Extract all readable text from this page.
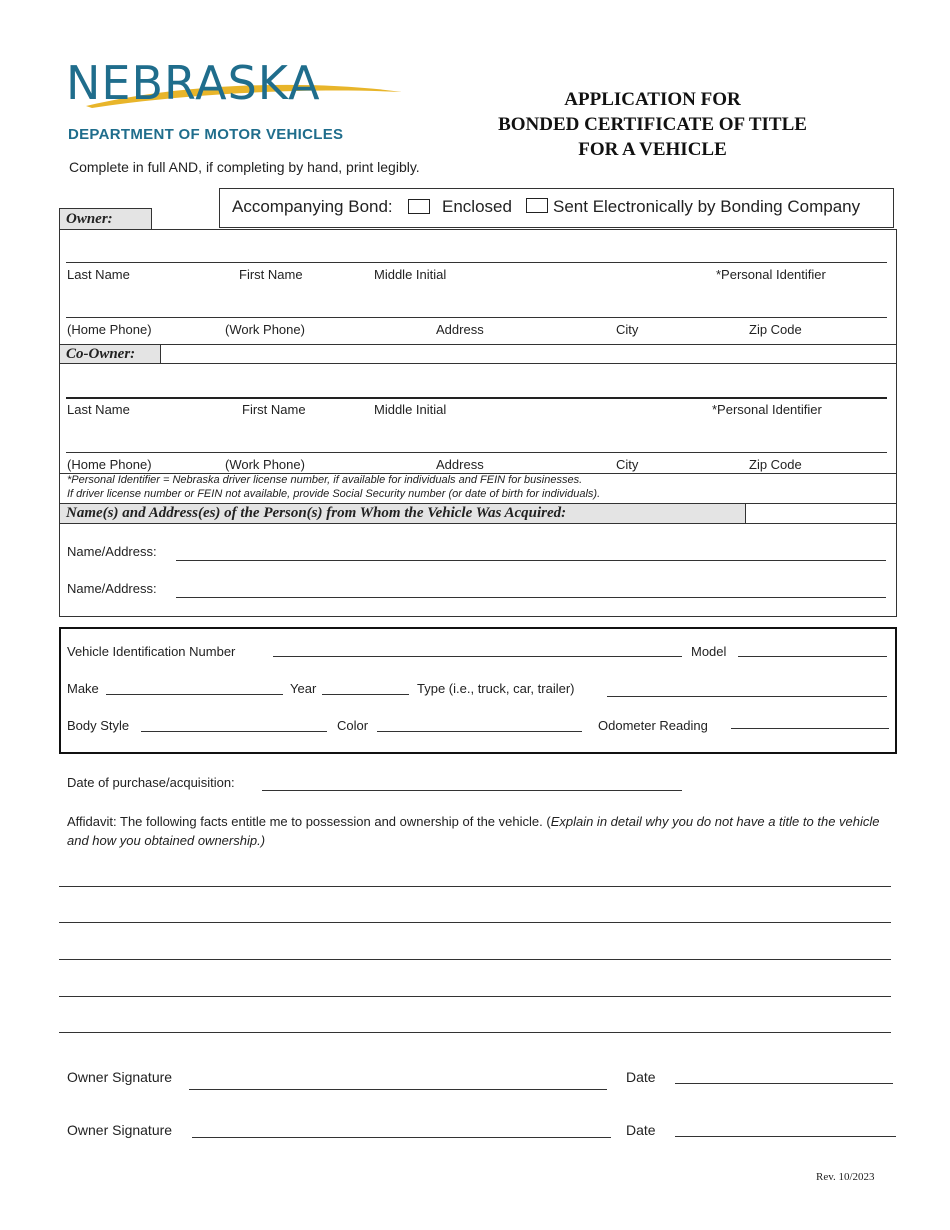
NEBRASKA
DEPARTMENT OF MOTOR VEHICLES
Complete in full AND, if completing by hand, print legibly.
APPLICATION FOR
BONDED CERTIFICATE OF TITLE
FOR A VEHICLE
Accompanying Bond:	Enclosed Sent Electronically by Bonding Company
Owner:
Last Name	First Name	Middle Initial	*Personal Identifier
(Home Phone)	(Work Phone)	Address	City	Zip Code
Co-Owner:
Last Name	First Name	Middle Initial	*Personal Identifier
(Home Phone)	(Work Phone)	Address	City	Zip Code
*Personal Identifier = Nebraska driver license number, if available for individuals and FEIN for businesses.
If driver license number or FEIN not available, provide Social Security number (or date of birth for individuals).
Name(s) and Address(es) of the Person(s) from Whom the Vehicle Was Acquired:
Name/Address:
Name/Address:
Vehicle Identification Number	Model
Make	Year	Type (i.e., truck, car, trailer)
Body Style	Color	Odometer Reading
Date of purchase/acquisition:
Affidavit: The following facts entitle me to possession and ownership of the vehicle. (Explain in detail why you do not have a title to the vehicle and how you obtained ownership.)
Owner Signature	Date
Owner Signature	Date
Rev. 10/2023
